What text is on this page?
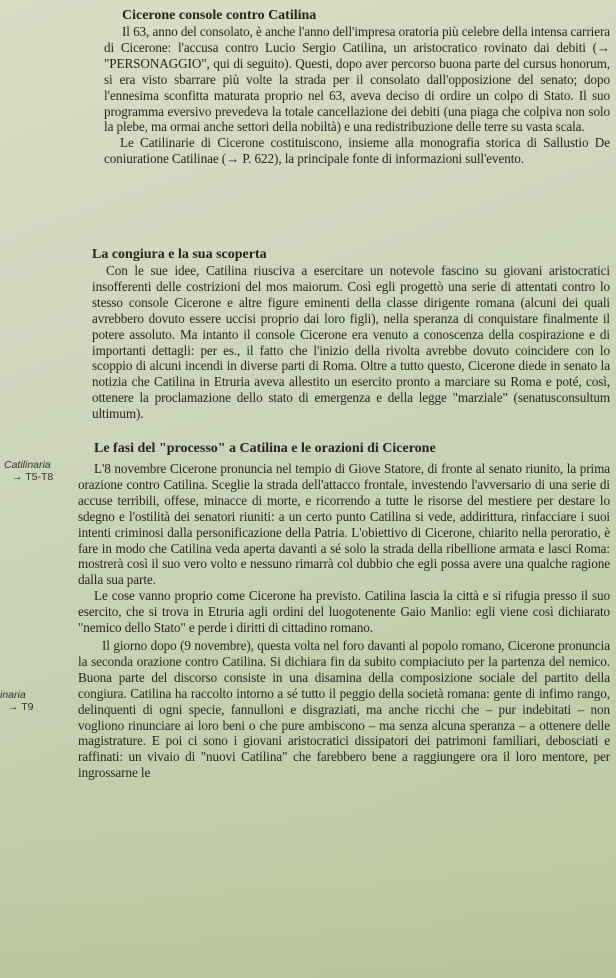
Cicerone console contro Catilina

Il 63, anno del consolato, è anche l'anno dell'impresa oratoria più celebre della intensa carriera di Cicerone: l'accusa contro Lucio Sergio Catilina, un aristocratico rovinato dai debiti (→ "PERSONAGGIO", qui di seguito). Questi, dopo aver percorso buona parte del cursus honorum, si era visto sbarrare più volte la strada per il consolato dall'opposizione del senato; dopo l'ennesima sconfitta maturata proprio nel 63, aveva deciso di ordire un colpo di Stato. Il suo programma eversivo prevedeva la totale cancellazione dei debiti (una piaga che colpiva non solo la plebe, ma ormai anche settori della nobiltà) e una redistribuzione delle terre su vasta scala.

Le Catilinarie di Cicerone costituiscono, insieme alla monografia storica di Sallustio De coniuratione Catilinae (→ P. 622), la principale fonte di informazioni sull'evento.

La congiura e la sua scoperta

Con le sue idee, Catilina riusciva a esercitare un notevole fascino su giovani aristocratici insofferenti delle costrizioni del mos maiorum. Così egli progettò una serie di attentati contro lo stesso console Cicerone e altre figure eminenti della classe dirigente romana (alcuni dei quali avrebbero dovuto essere uccisi proprio dai loro figli), nella speranza di conquistare finalmente il potere assoluto. Ma intanto il console Cicerone era venuto a conoscenza della cospirazione e di importanti dettagli: per es., il fatto che l'inizio della rivolta avrebbe dovuto coincidere con lo scoppio di alcuni incendi in diverse parti di Roma. Oltre a tutto questo, Cicerone diede in senato la notizia che Catilina in Etruria aveva allestito un esercito pronto a marciare su Roma e poté, così, ottenere la proclamazione dello stato di emergenza e della legge "marziale" (senatusconsultum ultimum).

Le fasi del "processo" a Catilina e le orazioni di Cicerone

L'8 novembre Cicerone pronuncia nel tempio di Giove Statore, di fronte al senato riunito, la prima orazione contro Catilina. Sceglie la strada dell'attacco frontale, investendo l'avversario di una serie di accuse terribili, offese, minacce di morte, e ricorrendo a tutte le risorse del mestiere per destare lo sdegno e l'ostilità dei senatori riuniti: a un certo punto Catilina si vede, addirittura, rinfacciare i suoi intenti criminosi dalla personificazione della Patria. L'obiettivo di Cicerone, chiarito nella peroratio, è fare in modo che Catilina veda aperta davanti a sé solo la strada della ribellione armata e lasci Roma: mostrerà così il suo vero volto e nessuno rimarrà col dubbio che egli possa avere una qualche ragione dalla sua parte.

Le cose vanno proprio come Cicerone ha previsto. Catilina lascia la città e si rifugia presso il suo esercito, che si trova in Etruria agli ordini del luogotenente Gaio Manlio: egli viene così dichiarato "nemico dello Stato" e perde i diritti di cittadino romano.

Il giorno dopo (9 novembre), questa volta nel foro davanti al popolo romano, Cicerone pronuncia la seconda orazione contro Catilina. Si dichiara fin da subito compiaciuto per la partenza del nemico. Buona parte del discorso consiste in una disamina della composizione sociale del partito della congiura. Catilina ha raccolto intorno a sé tutto il peggio della società romana: gente di infimo rango, delinquenti di ogni specie, fannulloni e disgraziati, ma anche ricchi che – pur indebitati – non vogliono rinunciare ai loro beni o che pure ambiscono – ma senza alcuna speranza – a ottenere delle magistrature. E poi ci sono i giovani aristocratici dissipatori dei patrimoni familiari, debosciati e raffinati: un vivaio di "nuovi Catilina" che farebbero bene a raggiungere ora il loro mentore, per ingrossarne le

Catilinaria
→ T5-T8
inaria
→ T9
